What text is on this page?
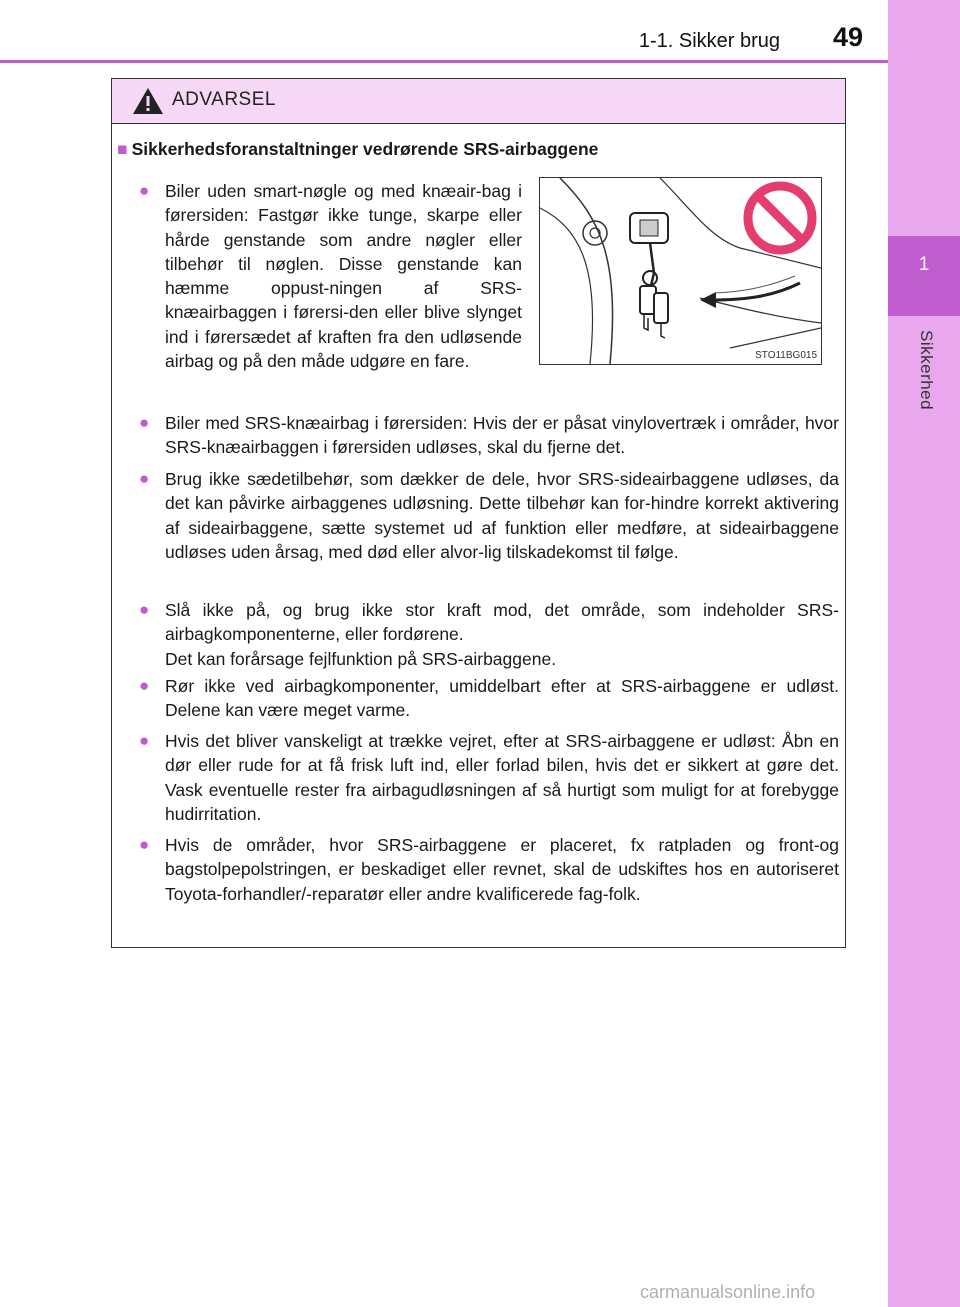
1
Sikkerhed
1-1. Sikker brug 49
ADVARSEL
■ Sikkerhedsforanstaltninger vedrørende SRS-airbaggene
● Biler uden smart-nøgle og med knæair-bag i førersiden: Fastgør ikke tunge, skarpe eller hårde genstande som andre nøgler eller tilbehør til nøglen. Disse genstande kan hæmme oppust-ningen af SRS-knæairbaggen i førersi-den eller blive slynget ind i førersædet af kraften fra den udløsende airbag og på den måde udgøre en fare.	STO11BG015
● Biler med SRS-knæairbag i førersiden: Hvis der er påsat vinylovertræk i områder, hvor SRS-knæairbaggen i førersiden udløses, skal du fjerne det.
● Brug ikke sædetilbehør, som dækker de dele, hvor SRS-sideairbaggene udløses, da det kan påvirke airbaggenes udløsning. Dette tilbehør kan for-hindre korrekt aktivering af sideairbaggene, sætte systemet ud af funktion eller medføre, at sideairbaggene udløses uden årsag, med død eller alvor-lig tilskadekomst til følge.
● Slå ikke på, og brug ikke stor kraft mod, det område, som indeholder SRS-airbagkomponenterne, eller fordørene.
Det kan forårsage fejlfunktion på SRS-airbaggene.
● Rør ikke ved airbagkomponenter, umiddelbart efter at SRS-airbaggene er udløst. Delene kan være meget varme.
● Hvis det bliver vanskeligt at trække vejret, efter at SRS-airbaggene er udløst: Åbn en dør eller rude for at få frisk luft ind, eller forlad bilen, hvis det er sikkert at gøre det. Vask eventuelle rester fra airbagudløsningen af så hurtigt som muligt for at forebygge hudirritation.
● Hvis de områder, hvor SRS-airbaggene er placeret, fx ratpladen og front-og bagstolpepolstringen, er beskadiget eller revnet, skal de udskiftes hos en autoriseret Toyota-forhandler/-reparatør eller andre kvalificerede fag-folk.
carmanualsonline.info
